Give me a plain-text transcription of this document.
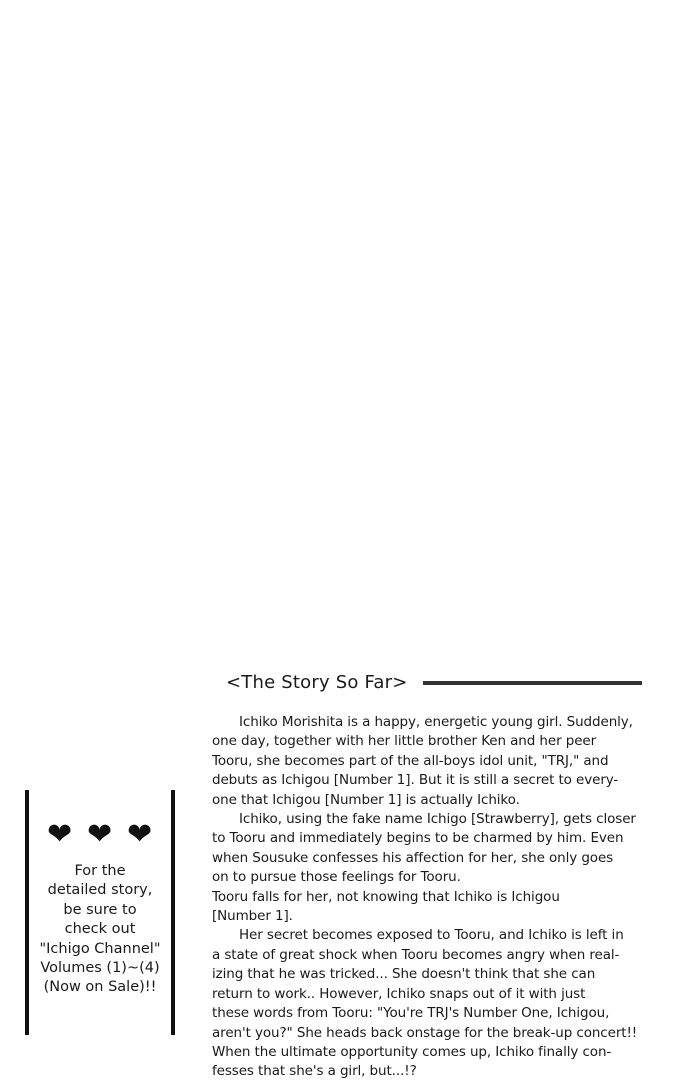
<The Story So Far>
Ichiko Morishita is a happy, energetic young girl. Suddenly,
one day, together with her little brother Ken and her peer
Tooru, she becomes part of the all-boys idol unit, "TRJ," and
debuts as Ichigou [Number 1]. But it is still a secret to every-
one that Ichigou [Number 1] is actually Ichiko.
Ichiko, using the fake name Ichigo [Strawberry], gets closer
to Tooru and immediately begins to be charmed by him. Even
when Sousuke confesses his affection for her, she only goes
on to pursue those feelings for Tooru.
Tooru falls for her, not knowing that Ichiko is Ichigou
[Number 1].
Her secret becomes exposed to Tooru, and Ichiko is left in
a state of great shock when Tooru becomes angry when real-
izing that he was tricked... She doesn't think that she can
return to work.. However, Ichiko snaps out of it with just
these words from Tooru: "You're TRJ's Number One, Ichigou,
aren't you?" She heads back onstage for the break-up concert!!
When the ultimate opportunity comes up, Ichiko finally con-
fesses that she's a girl, but...!?
❤ ❤ ❤
For the
detailed story,
be sure to
check out
"Ichigo Channel"
Volumes (1)~(4)
(Now on Sale)!!
